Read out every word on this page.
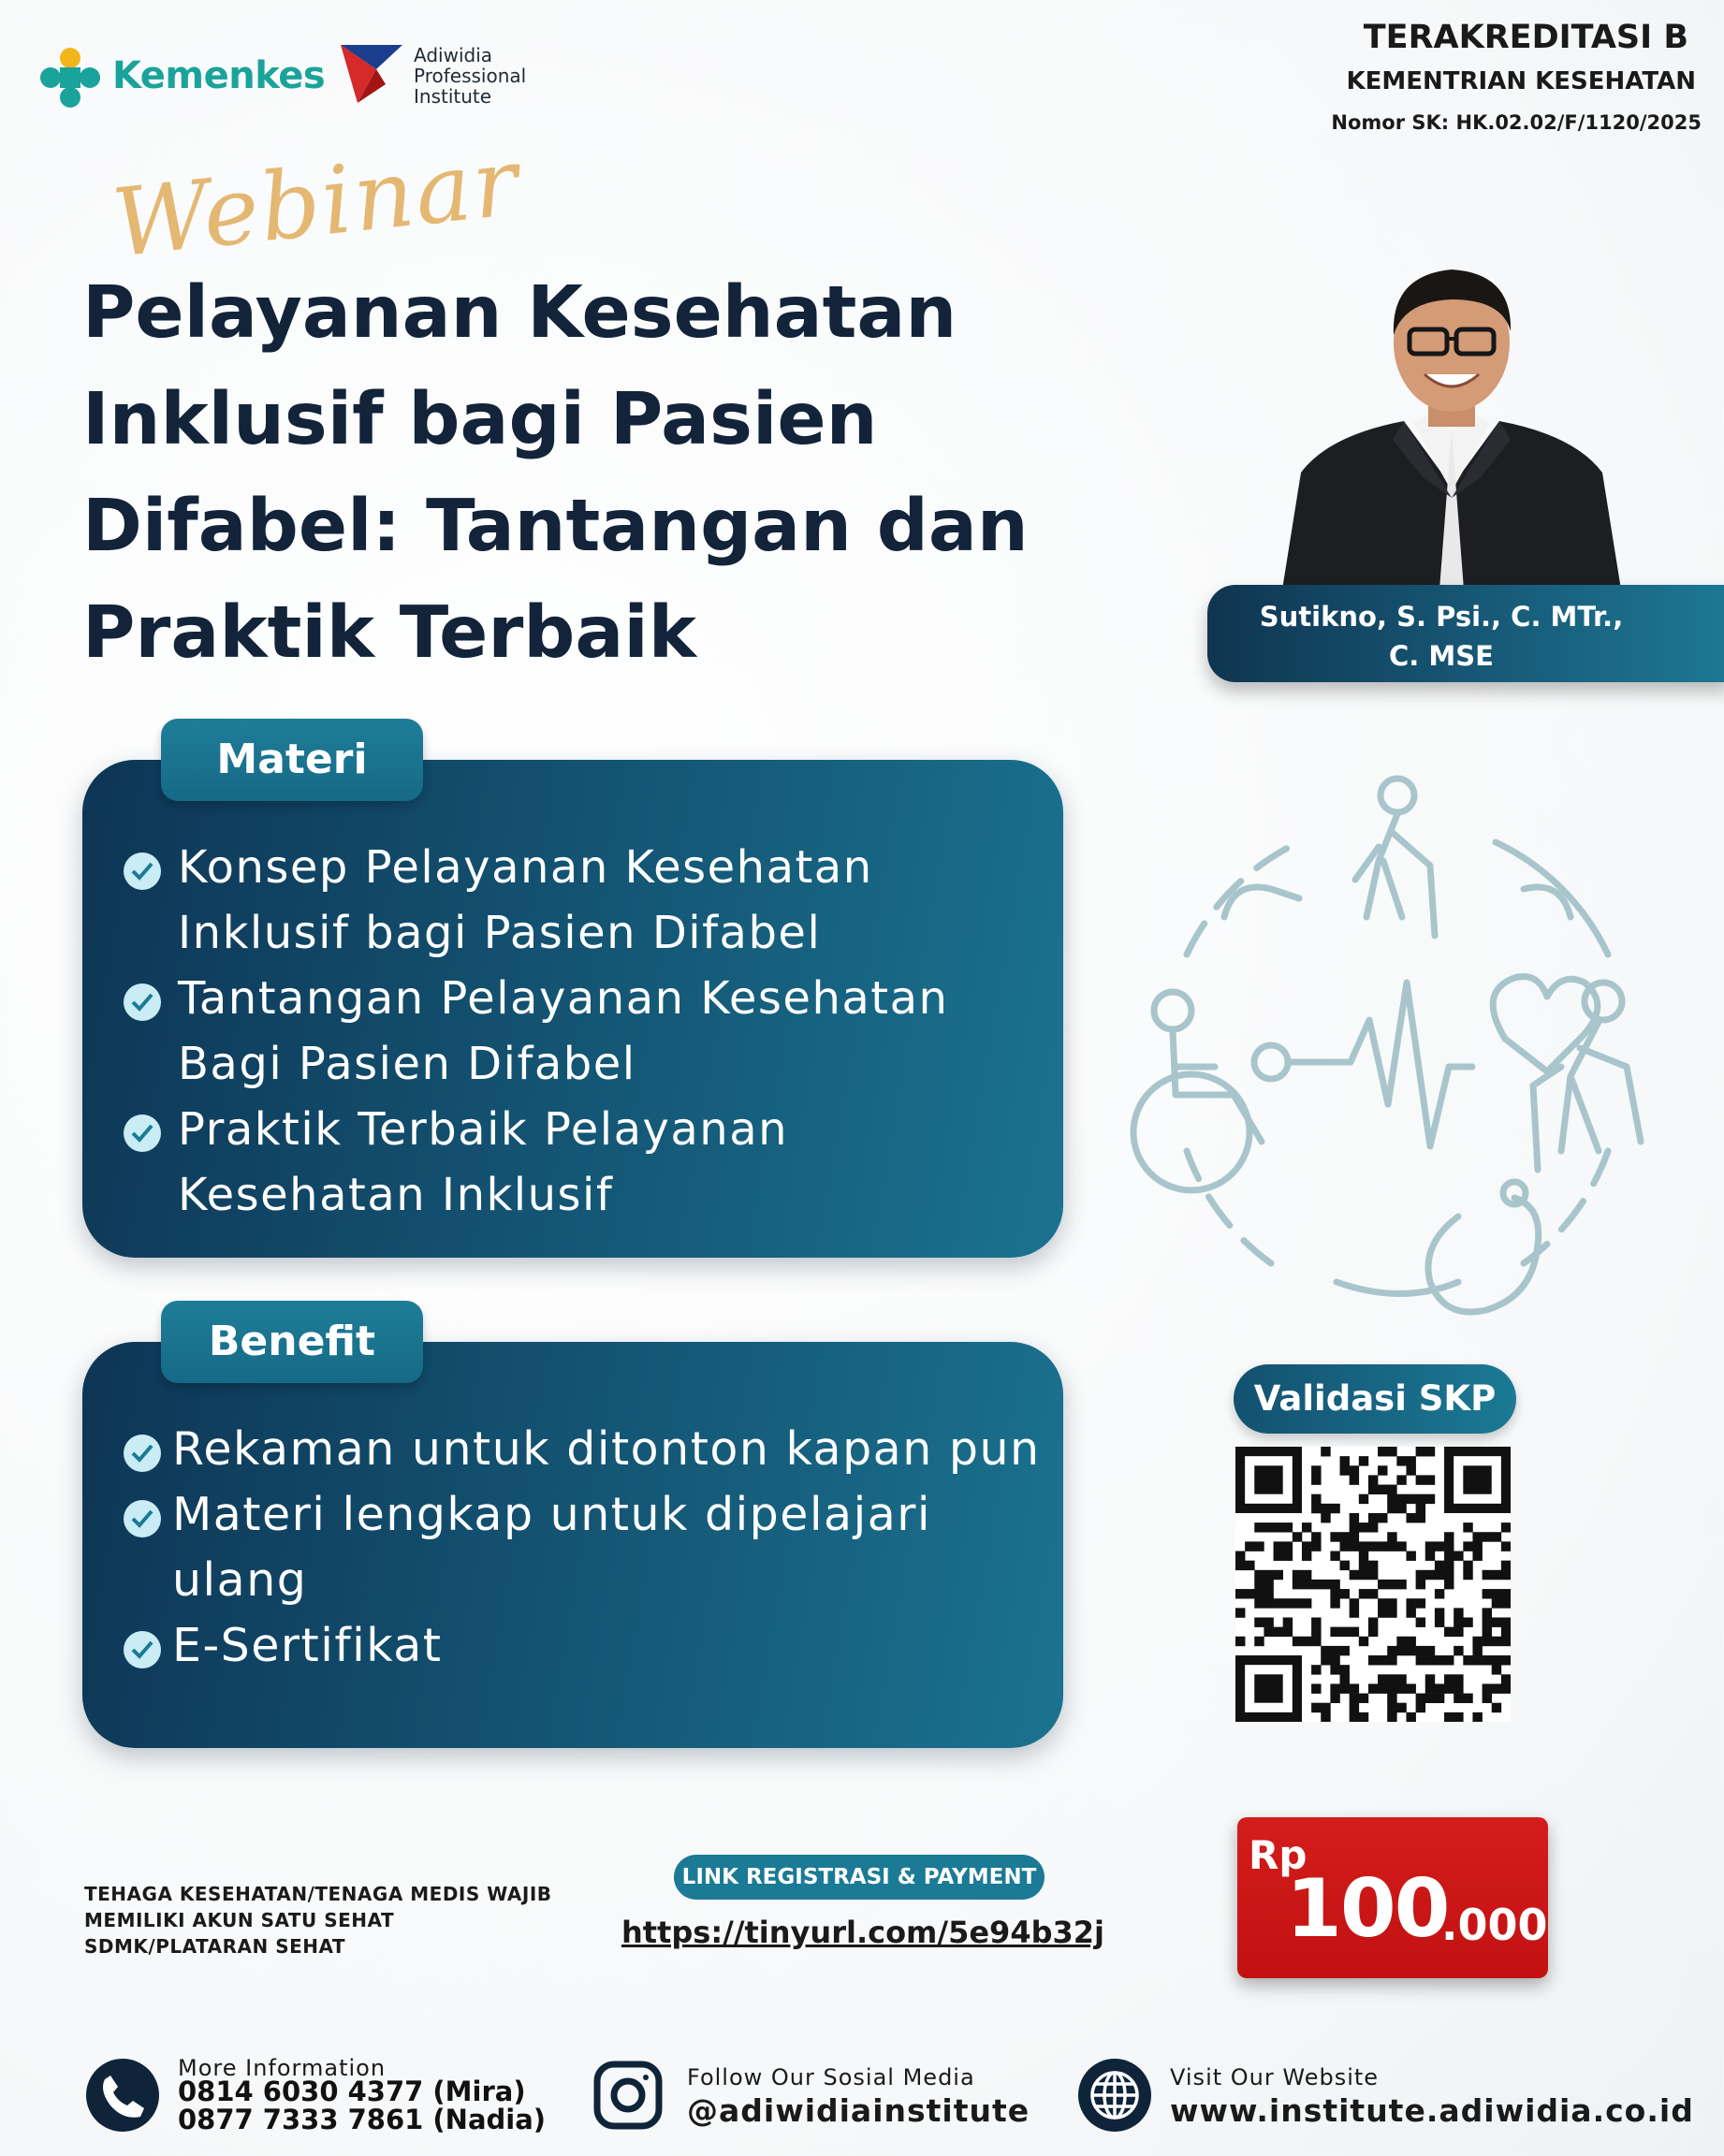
Kemenkes	Adiwidia
Professional
Institute
TERAKREDITASI B
KEMENTRIAN KESEHATAN
Nomor SK: HK.02.02/F/1120/2025
Webinar
Pelayanan Kesehatan
Inklusif bagi Pasien
Difabel: Tantangan dan
Praktik Terbaik	Sutikno, S. Psi., C. MTr.,
C. MSE
Materi
Konsep Pelayanan Kesehatan
Inklusif bagi Pasien Difabel
Tantangan Pelayanan Kesehatan
Bagi Pasien Difabel
Praktik Terbaik Pelayanan
Kesehatan Inklusif
Benefit
Rekaman untuk ditonton kapan pun
Materi lengkap untuk dipelajari
ulang
E-Sertifikat
Validasi SKP
TEHAGA KESEHATAN/TENAGA MEDIS WAJIB
MEMILIKI AKUN SATU SEHAT
SDMK/PLATARAN SEHAT
LINK REGISTRASI & PAYMENT
https://tinyurl.com/5e94b32j
Rp
100
.000
More Information
0814 6030 4377 (Mira)
0877 7333 7861 (Nadia)
Follow Our Sosial Media
@adiwidiainstitute
Visit Our Website
www.institute.adiwidia.co.id
